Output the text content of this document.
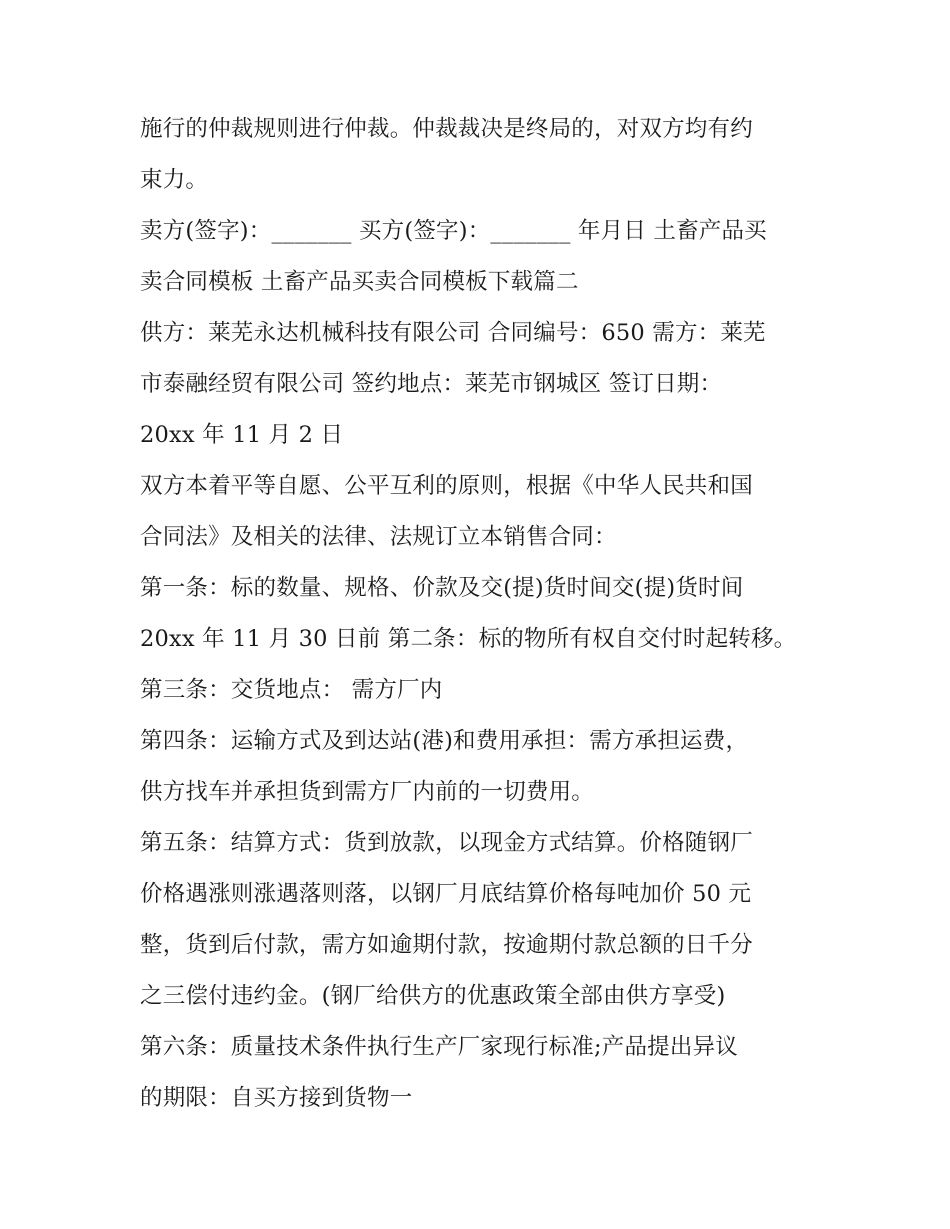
施行的仲裁规则进行仲裁。仲裁裁决是终局的，对双方均有约
束力。
卖方(签字)：_______ 买方(签字)：_______ 年月日 土畜产品买
卖合同模板 土畜产品买卖合同模板下载篇二
供方：莱芜永达机械科技有限公司 合同编号：650 需方：莱芜
市泰融经贸有限公司 签约地点：莱芜市钢城区 签订日期：
20xx 年 11 月 2 日
双方本着平等自愿、公平互利的原则，根据《中华人民共和国
合同法》及相关的法律、法规订立本销售合同：
第一条：标的数量、规格、价款及交(提)货时间交(提)货时间
20xx 年 11 月 30 日前 第二条：标的物所有权自交付时起转移。
第三条：交货地点： 需方厂内
第四条：运输方式及到达站(港)和费用承担：需方承担运费，
供方找车并承担货到需方厂内前的一切费用。
第五条：结算方式：货到放款，以现金方式结算。价格随钢厂
价格遇涨则涨遇落则落，以钢厂月底结算价格每吨加价 50 元
整，货到后付款，需方如逾期付款，按逾期付款总额的日千分
之三偿付违约金。(钢厂给供方的优惠政策全部由供方享受)
第六条：质量技术条件执行生产厂家现行标准;产品提出异议
的期限：自买方接到货物一
